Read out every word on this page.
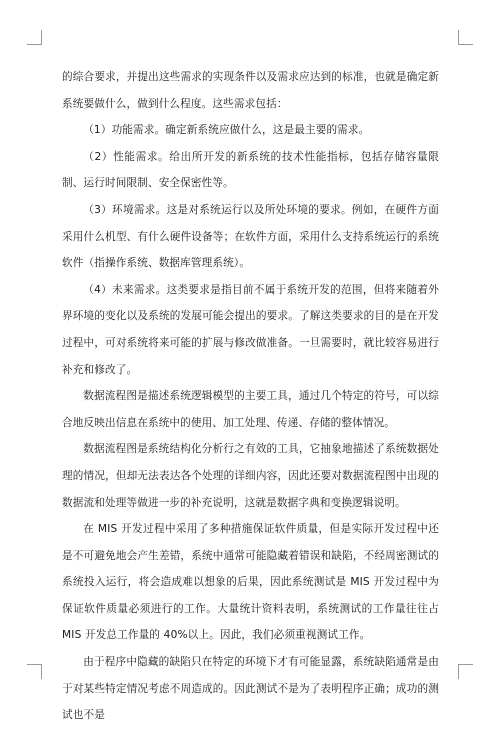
的综合要求，并提出这些需求的实现条件以及需求应达到的标准，也就是确定新系统要做什么，做到什么程度。这些需求包括：

（1）功能需求。确定新系统应做什么，这是最主要的需求。

（2）性能需求。给出所开发的新系统的技术性能指标，包括存储容量限制、运行时间限制、安全保密性等。

（3）环境需求。这是对系统运行以及所处环境的要求。例如，在硬件方面采用什么机型、有什么硬件设备等；在软件方面，采用什么支持系统运行的系统软件（指操作系统、数据库管理系统）。

（4）未来需求。这类要求是指目前不属于系统开发的范围，但将来随着外界环境的变化以及系统的发展可能会提出的要求。了解这类要求的目的是在开发过程中，可对系统将来可能的扩展与修改做准备。一旦需要时，就比较容易进行补充和修改了。

数据流程图是描述系统逻辑模型的主要工具，通过几个特定的符号，可以综合地反映出信息在系统中的使用、加工处理、传递、存储的整体情况。

数据流程图是系统结构化分析行之有效的工具，它抽象地描述了系统数据处理的情况，但却无法表达各个处理的详细内容，因此还要对数据流程图中出现的数据流和处理等做进一步的补充说明，这就是数据字典和变换逻辑说明。

在 MIS 开发过程中采用了多种措施保证软件质量，但是实际开发过程中还是不可避免地会产生差错，系统中通常可能隐藏着错误和缺陷，不经周密测试的系统投入运行，将会造成难以想象的后果，因此系统测试是 MIS 开发过程中为保证软件质量必须进行的工作。大量统计资料表明，系统测试的工作量往往占 MIS 开发总工作量的 40%以上。因此，我们必须重视测试工作。

由于程序中隐藏的缺陷只在特定的环境下才有可能显露，系统缺陷通常是由于对某些特定情况考虑不周造成的。因此测试不是为了表明程序正确；成功的测试也不是
